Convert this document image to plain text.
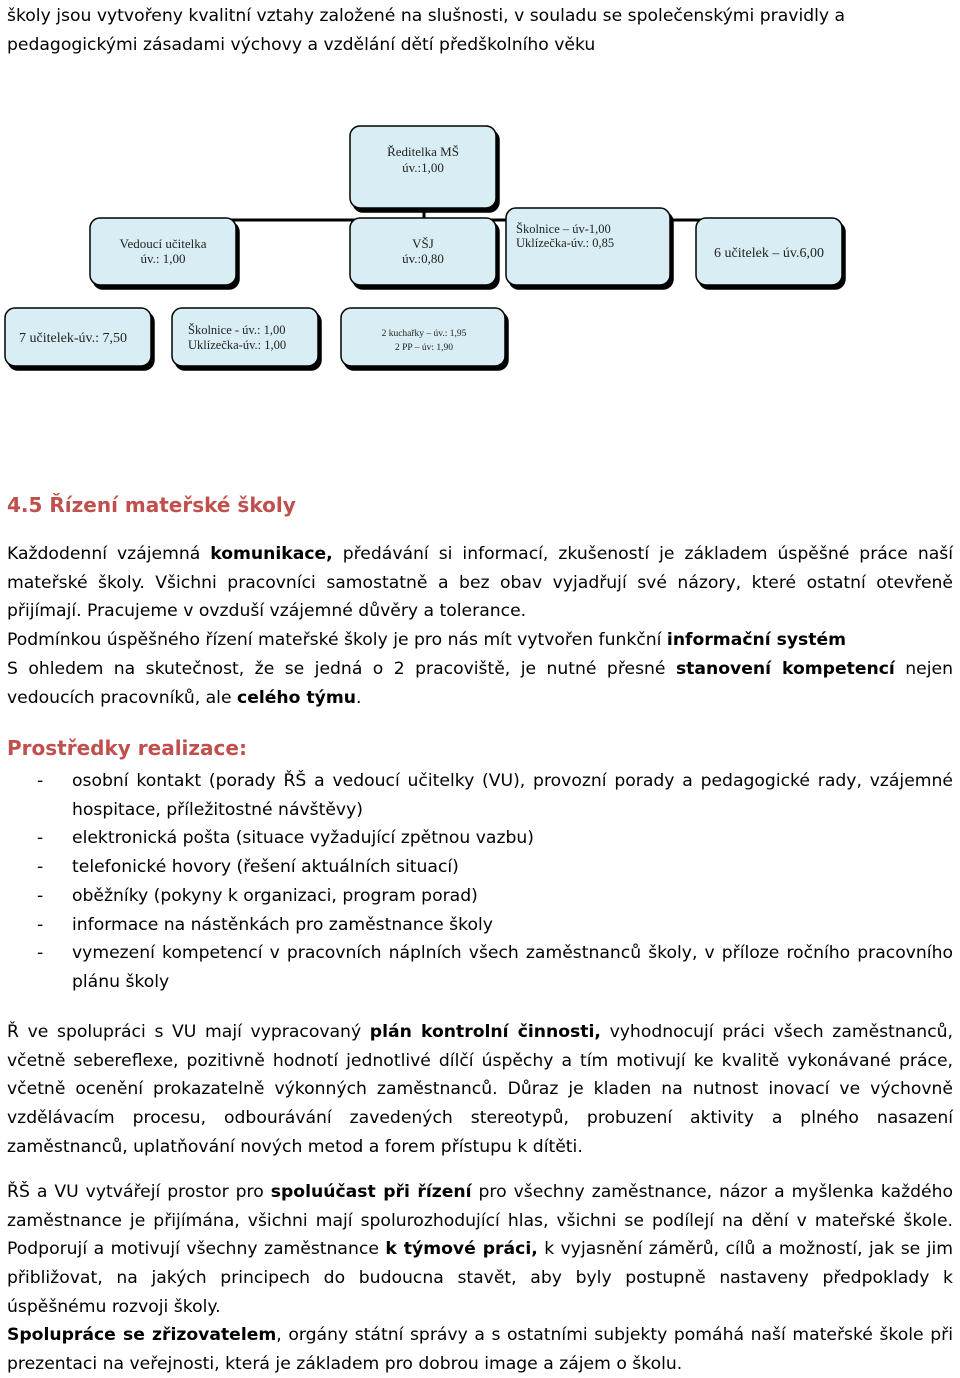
školy jsou vytvořeny kvalitní vztahy založené na slušnosti, v souladu se společenskými pravidly a

pedagogickými zásadami výchovy a vzdělání dětí předškolního věku

Ředitelka MŠ
úv.:1,00
Vedoucí učitelka
úv.: 1,00
VŠJ
úv.:0,80
Školnice – úv-1,00
Uklízečka-úv.: 0,85
6 učitelek – úv.6,00
7 učitelek-úv.: 7,50
Školnice - úv.: 1,00
Uklízečka-úv.: 1,00
2 kuchařky – úv.: 1,95
2 PP – úv: 1,90
4.5 Řízení mateřské školy

Každodenní vzájemná komunikace, předávání si informací, zkušeností je základem úspěšné práce naší mateřské školy. Všichni pracovníci samostatně a bez obav vyjadřují své názory, které ostatní otevřeně přijímají. Pracujeme v ovzduší vzájemné důvěry a tolerance.

Podmínkou úspěšného řízení mateřské školy je pro nás mít vytvořen funkční informační systém

S ohledem na skutečnost, že se jedná o 2 pracoviště, je nutné přesné stanovení kompetencí nejen vedoucích pracovníků, ale celého týmu.

Prostředky realizace:
- osobní kontakt (porady ŘŠ a vedoucí učitelky (VU), provozní porady a pedagogické rady, vzájemné hospitace, příležitostné návštěvy)
- elektronická pošta (situace vyžadující zpětnou vazbu)
- telefonické hovory (řešení aktuálních situací)
- oběžníky (pokyny k organizaci, program porad)
- informace na nástěnkách pro zaměstnance školy
- vymezení kompetencí v pracovních náplních všech zaměstnanců školy, v příloze ročního pracovního plánu školy

Ř ve spolupráci s VU mají vypracovaný plán kontrolní činnosti, vyhodnocují práci všech zaměstnanců, včetně sebereflexe, pozitivně hodnotí jednotlivé dílčí úspěchy a tím motivují ke kvalitě vykonávané práce, včetně ocenění prokazatelně výkonných zaměstnanců. Důraz je kladen na nutnost inovací ve výchovně vzdělávacím procesu, odbourávání zavedených stereotypů, probuzení aktivity a plného nasazení zaměstnanců, uplatňování nových metod a forem přístupu k dítěti.

ŘŠ a VU vytvářejí prostor pro spoluúčast při řízení pro všechny zaměstnance, názor a myšlenka každého zaměstnance je přijímána, všichni mají spolurozhodující hlas, všichni se podílejí na dění v mateřské škole. Podporují a motivují všechny zaměstnance k týmové práci, k vyjasnění záměrů, cílů a možností, jak se jim přibližovat, na jakých principech do budoucna stavět, aby byly postupně nastaveny předpoklady k úspěšnému rozvoji školy.

Spolupráce se zřizovatelem, orgány státní správy a s ostatními subjekty pomáhá naší mateřské škole při prezentaci na veřejnosti, která je základem pro dobrou image a zájem o školu.
